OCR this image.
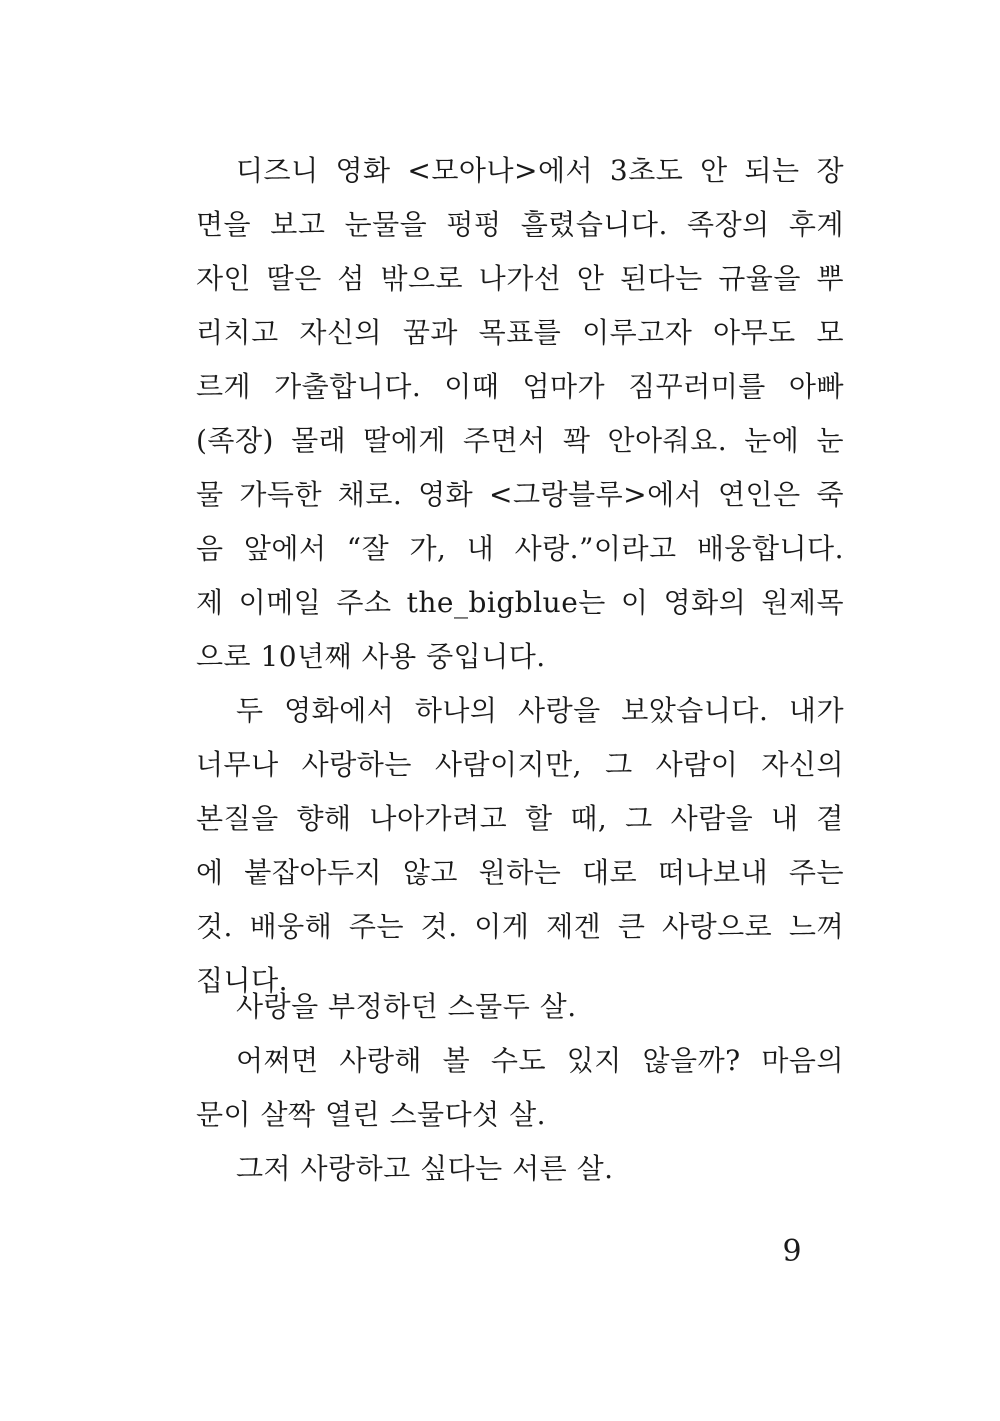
디즈니 영화 <모아나>에서 3초도 안 되는 장
면을 보고 눈물을 펑펑 흘렸습니다. 족장의 후계
자인 딸은 섬 밖으로 나가선 안 된다는 규율을 뿌
리치고 자신의 꿈과 목표를 이루고자 아무도 모
르게 가출합니다. 이때 엄마가 짐꾸러미를 아빠
(족장) 몰래 딸에게 주면서 꽉 안아줘요. 눈에 눈
물 가득한 채로. 영화 <그랑블루>에서 연인은 죽
음 앞에서 “잘 가, 내 사랑.”이라고 배웅합니다.
제 이메일 주소 the_bigblue는 이 영화의 원제목
으로 10년째 사용 중입니다.
두 영화에서 하나의 사랑을 보았습니다. 내가
너무나 사랑하는 사람이지만, 그 사람이 자신의
본질을 향해 나아가려고 할 때, 그 사람을 내 곁
에 붙잡아두지 않고 원하는 대로 떠나보내 주는
것. 배웅해 주는 것. 이게 제겐 큰 사랑으로 느껴
집니다.
사랑을 부정하던 스물두 살.
어쩌면 사랑해 볼 수도 있지 않을까? 마음의
문이 살짝 열린 스물다섯 살.
그저 사랑하고 싶다는 서른 살.
9
